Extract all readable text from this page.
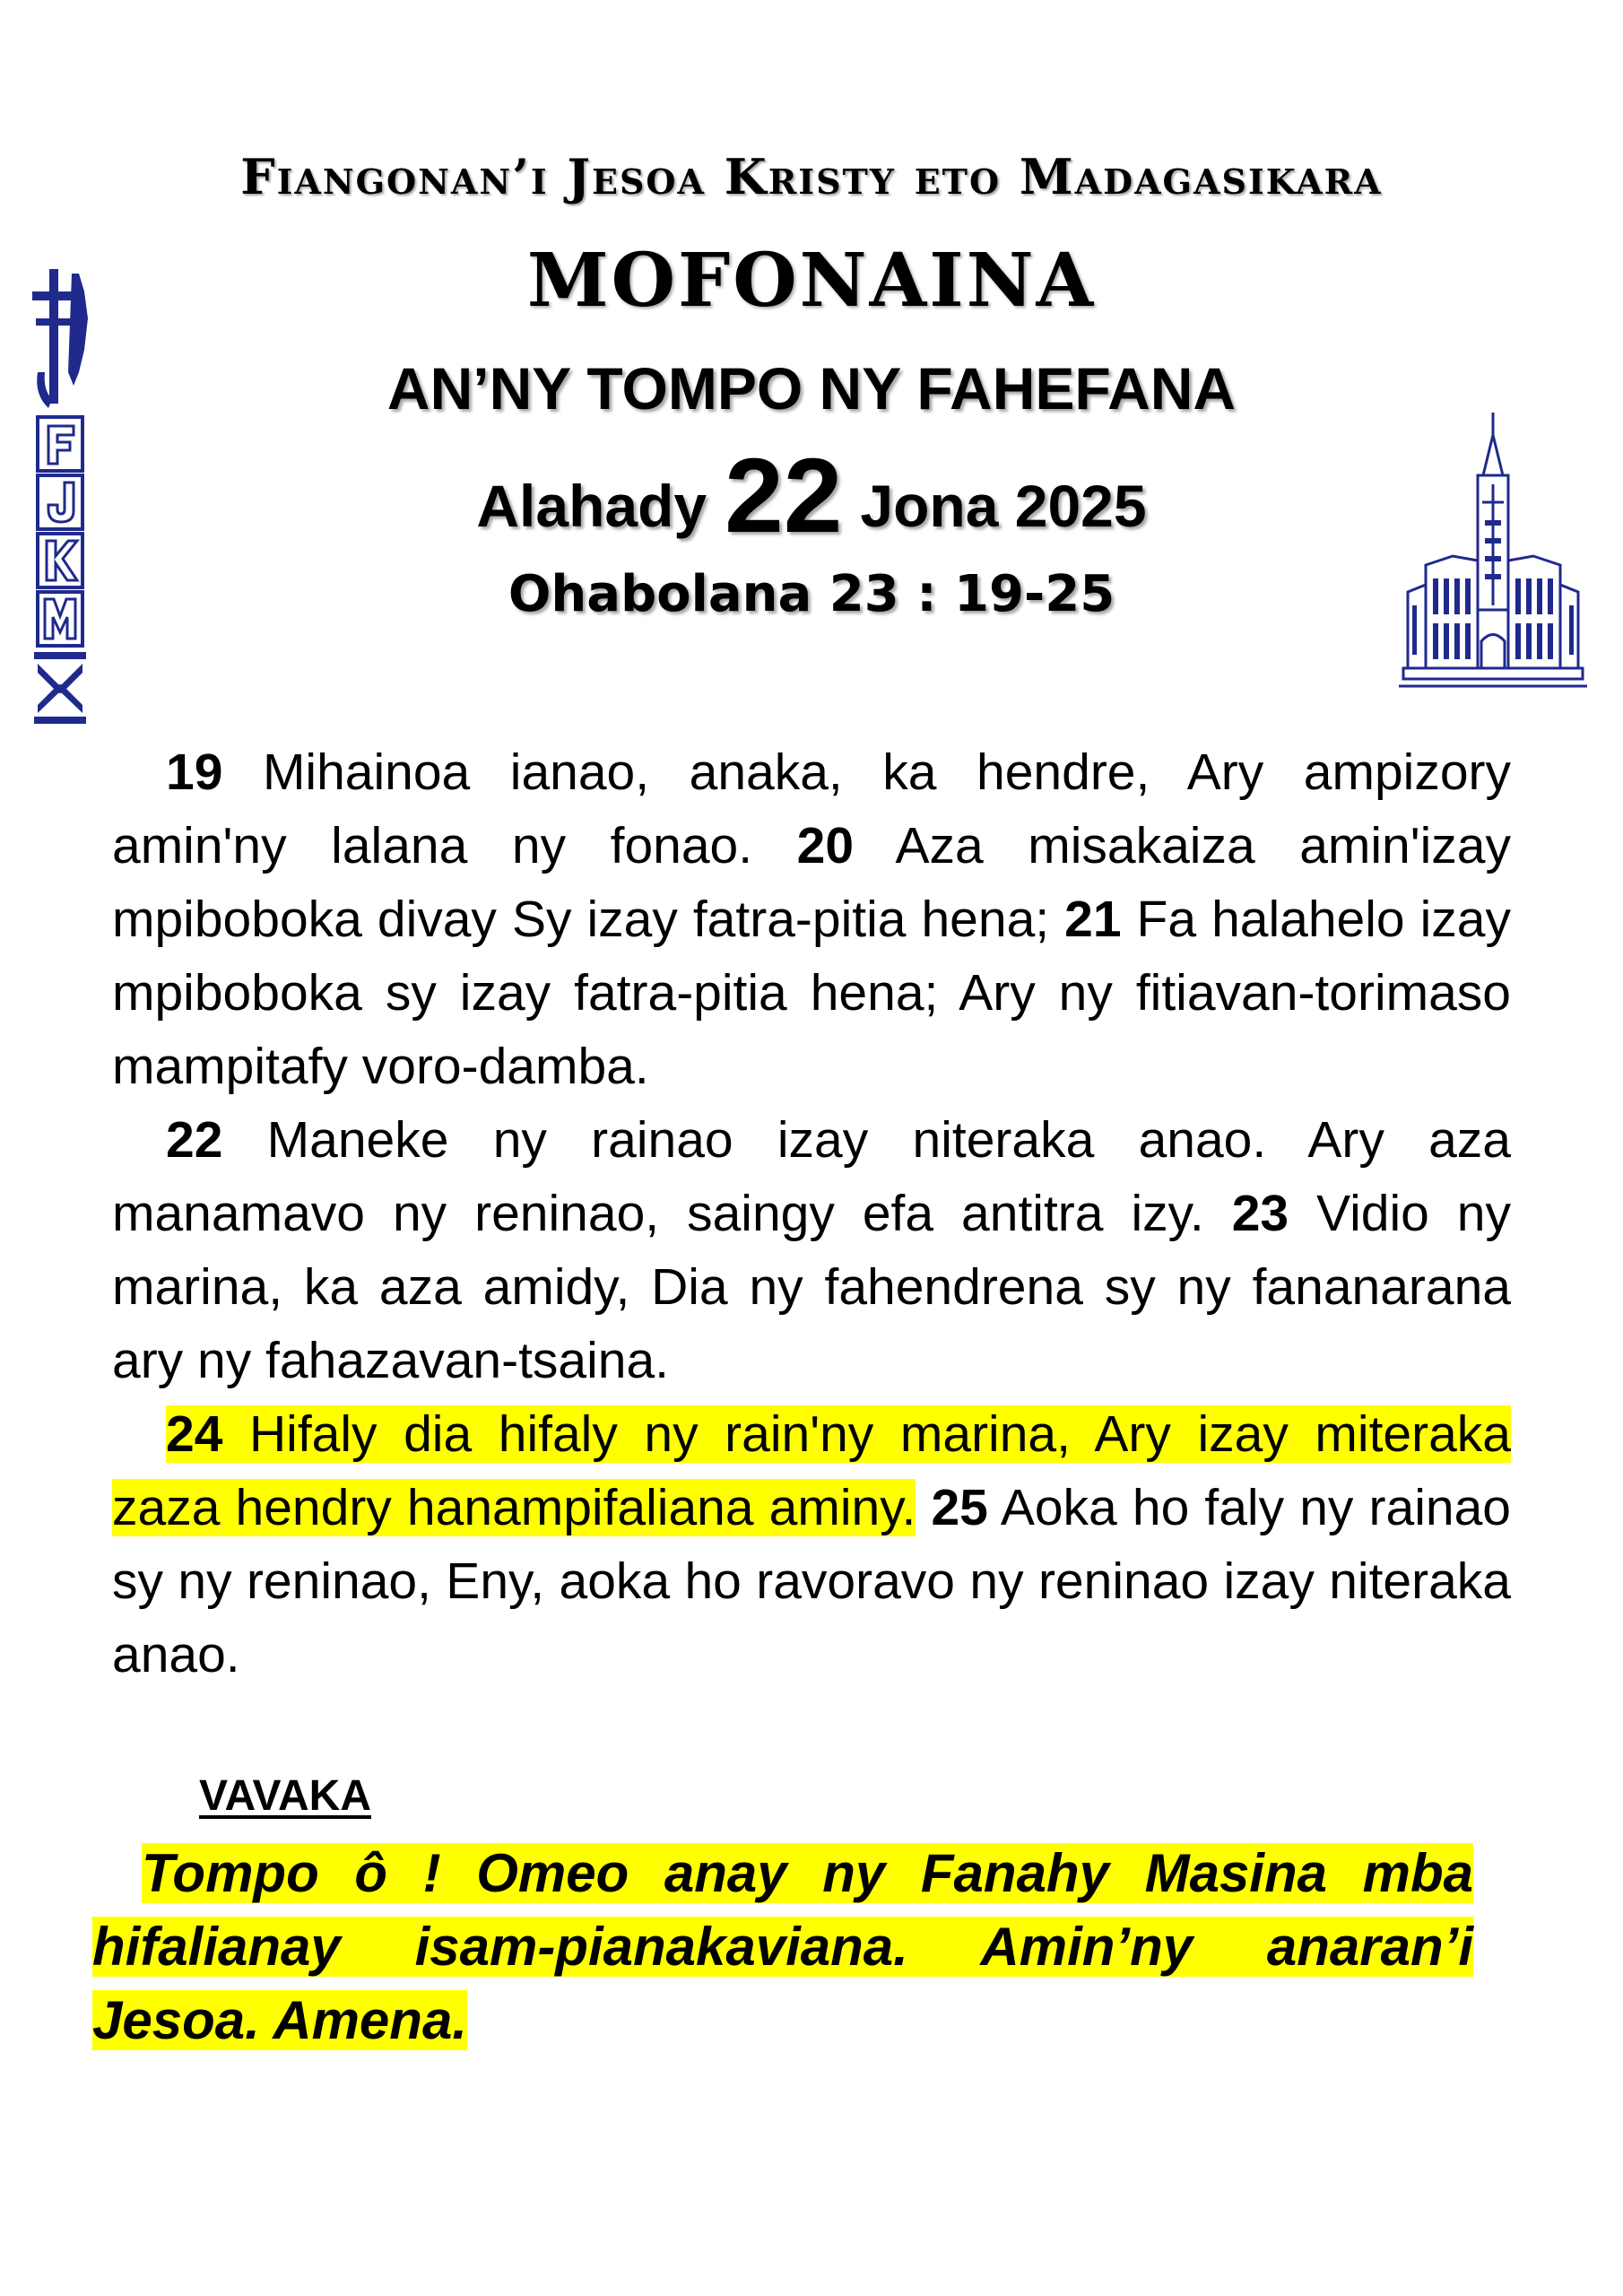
Fiangonan’i Jesoa Kristy eto Madagasikara
MOFONAINA
AN’NY TOMPO NY FAHEFANA
Alahady 22 Jona 2025
Ohabolana 23 : 19-25

19 Mihainoa ianao, anaka, ka hendre, Ary ampizory amin'ny lalana ny fonao. 20 Aza misakaiza amin'izay mpiboboka divay Sy izay fatra-pitia hena; 21 Fa halahelo izay mpiboboka sy izay fatra-pitia hena; Ary ny fitiavan-torimaso mampitafy voro-damba.

22 Maneke ny rainao izay niteraka anao. Ary aza manamavo ny reninao, saingy efa antitra izy. 23 Vidio ny marina, ka aza amidy, Dia ny fahendrena sy ny fananarana ary ny fahazavan-tsaina.

24 Hifaly dia hifaly ny rain'ny marina, Ary izay miteraka zaza hendry hanampifaliana aminy. 25 Aoka ho faly ny rainao sy ny reninao, Eny, aoka ho ravoravo ny reninao izay niteraka anao.

VAVAKA
Tompo ô ! Omeo anay ny Fanahy Masina mba hifalianay isam-pianakaviana. Amin’ny anaran’i Jesoa. Amena.
